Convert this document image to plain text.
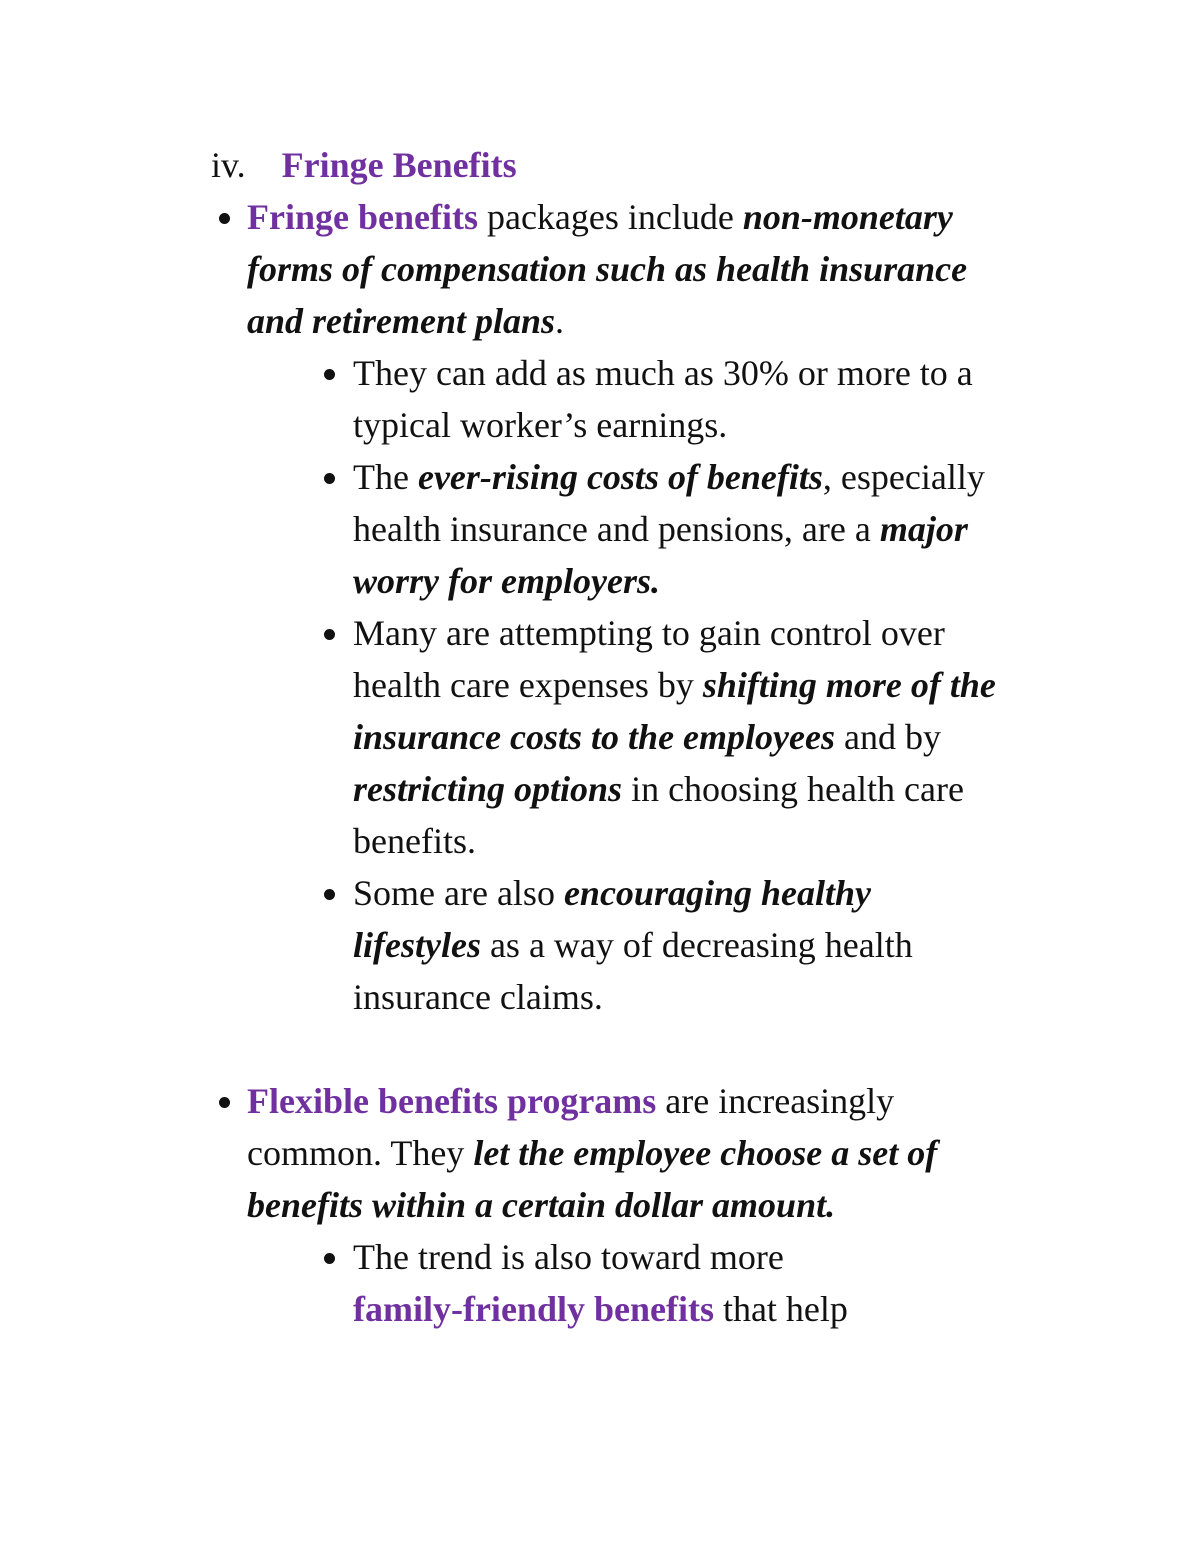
iv. Fringe Benefits
Fringe benefits packages include non-monetary
forms of compensation such as health insurance
and retirement plans.
They can add as much as 30% or more to a
typical worker’s earnings.
The ever-rising costs of benefits, especially
health insurance and pensions, are a major
worry for employers.
Many are attempting to gain control over
health care expenses by shifting more of the
insurance costs to the employees and by
restricting options in choosing health care
benefits.
Some are also encouraging healthy
lifestyles as a way of decreasing health
insurance claims.
Flexible benefits programs are increasingly
common. They let the employee choose a set of
benefits within a certain dollar amount.
The trend is also toward more
family-friendly benefits that help
